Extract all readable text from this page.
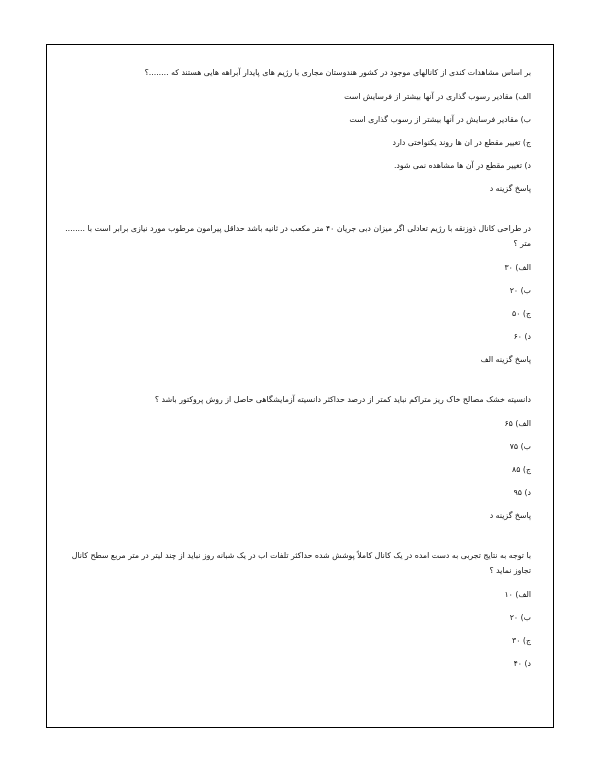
بر اساس مشاهدات کندی از کانالهای موجود در کشور هندوستان مجاری با رژیم های پایدار آبراهه هایی هستند که ........؟
الف) مقادیر رسوب گذاری در آنها بیشتر از فرسایش است
ب) مقادیر فرسایش در آنها بیشتر از رسوب گذاری است
ج) تغییر مقطع در ان ها روند یکنواختی دارد
د) تغییر مقطع در آن ها مشاهده نمی شود.
پاسخ گزینه د
در طراحی کانال ذوزنقه با رژیم تعادلی اگر میزان دبی جریان ۴۰ متر مکعب در ثانیه باشد حداقل پیرامون مرطوب مورد نیازی برابر است با ........ متر ؟
الف) ۳۰
ب) ۲۰
ج) ۵۰
د) ۶۰
پاسخ گزینه الف
دانسیته خشک مصالح خاک ریز متراکم نباید کمتر از درصد حداکثر دانسیته آزمایشگاهی حاصل از روش پروکتور باشد ؟
الف) ۶۵
ب) ۷۵
ج) ۸۵
د) ۹۵
پاسخ گزینه د
با توجه به نتایج تجربی به دست امده در یک کانال کاملاً پوشش شده حداکثر تلفات اب در یک شبانه روز نباید از چند لیتر در متر مربع سطح کانال تجاوز نماید ؟
الف) ۱۰
ب) ۲۰
ج) ۳۰
د) ۴۰
